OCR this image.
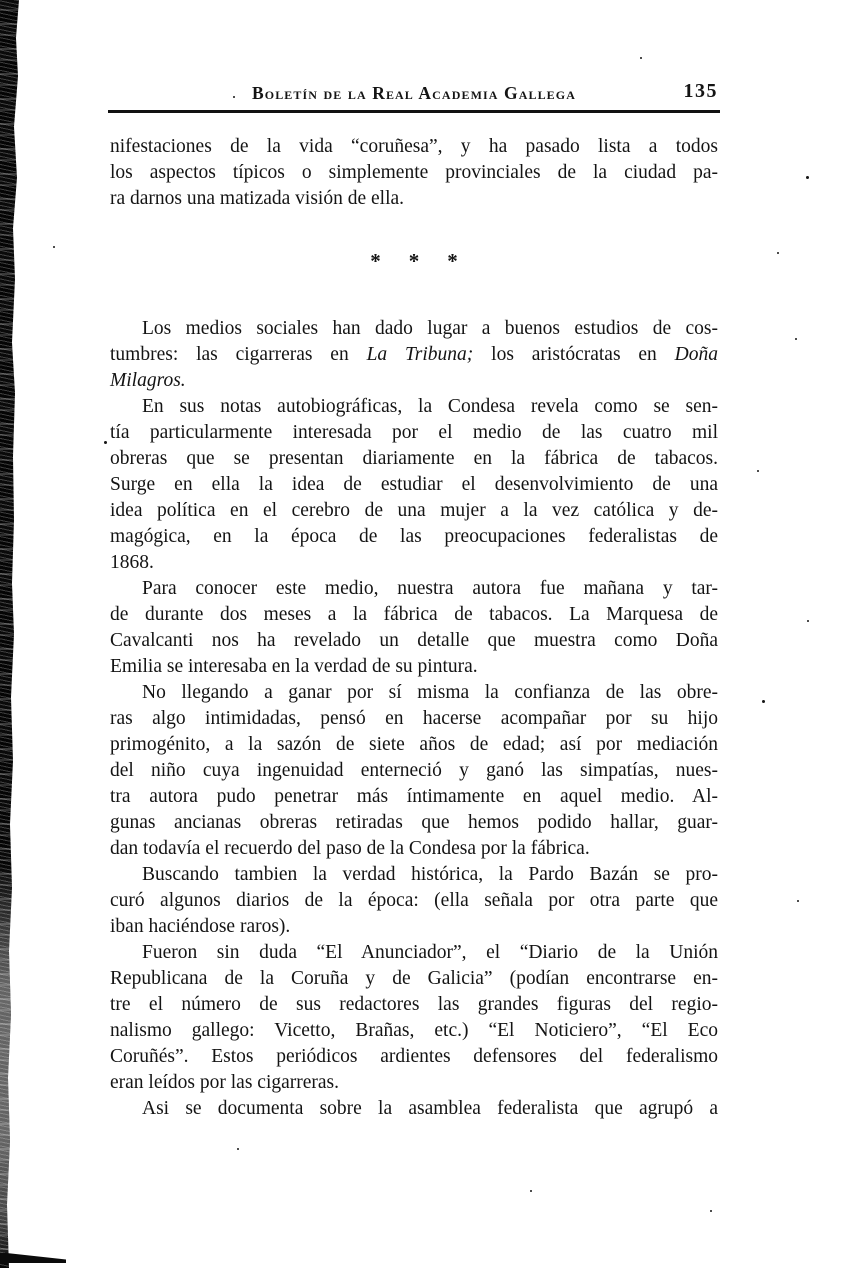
Boletín de la Real Academia Gallega	135
nifestaciones de la vida “coruñesa”, y ha pasado lista a todos
los aspectos típicos o simplemente provinciales de la ciudad pa-
ra darnos una matizada visión de ella.
* * *
Los medios sociales han dado lugar a buenos estudios de cos-
tumbres: las cigarreras en La Tribuna; los aristócratas en Doña
Milagros.
En sus notas autobiográficas, la Condesa revela como se sen-
tía particularmente interesada por el medio de las cuatro mil
obreras que se presentan diariamente en la fábrica de tabacos.
Surge en ella la idea de estudiar el desenvolvimiento de una
idea política en el cerebro de una mujer a la vez católica y de-
magógica, en la época de las preocupaciones federalistas de
1868.
Para conocer este medio, nuestra autora fue mañana y tar-
de durante dos meses a la fábrica de tabacos. La Marquesa de
Cavalcanti nos ha revelado un detalle que muestra como Doña
Emilia se interesaba en la verdad de su pintura.
No llegando a ganar por sí misma la confianza de las obre-
ras algo intimidadas, pensó en hacerse acompañar por su hijo
primogénito, a la sazón de siete años de edad; así por mediación
del niño cuya ingenuidad enterneció y ganó las simpatías, nues-
tra autora pudo penetrar más íntimamente en aquel medio. Al-
gunas ancianas obreras retiradas que hemos podido hallar, guar-
dan todavía el recuerdo del paso de la Condesa por la fábrica.
Buscando tambien la verdad histórica, la Pardo Bazán se pro-
curó algunos diarios de la época: (ella señala por otra parte que
iban haciéndose raros).
Fueron sin duda “El Anunciador”, el “Diario de la Unión
Republicana de la Coruña y de Galicia” (podían encontrarse en-
tre el número de sus redactores las grandes figuras del regio-
nalismo gallego: Vicetto, Brañas, etc.) “El Noticiero”, “El Eco
Coruñés”. Estos periódicos ardientes defensores del federalismo
eran leídos por las cigarreras.
Asi se documenta sobre la asamblea federalista que agrupó a
